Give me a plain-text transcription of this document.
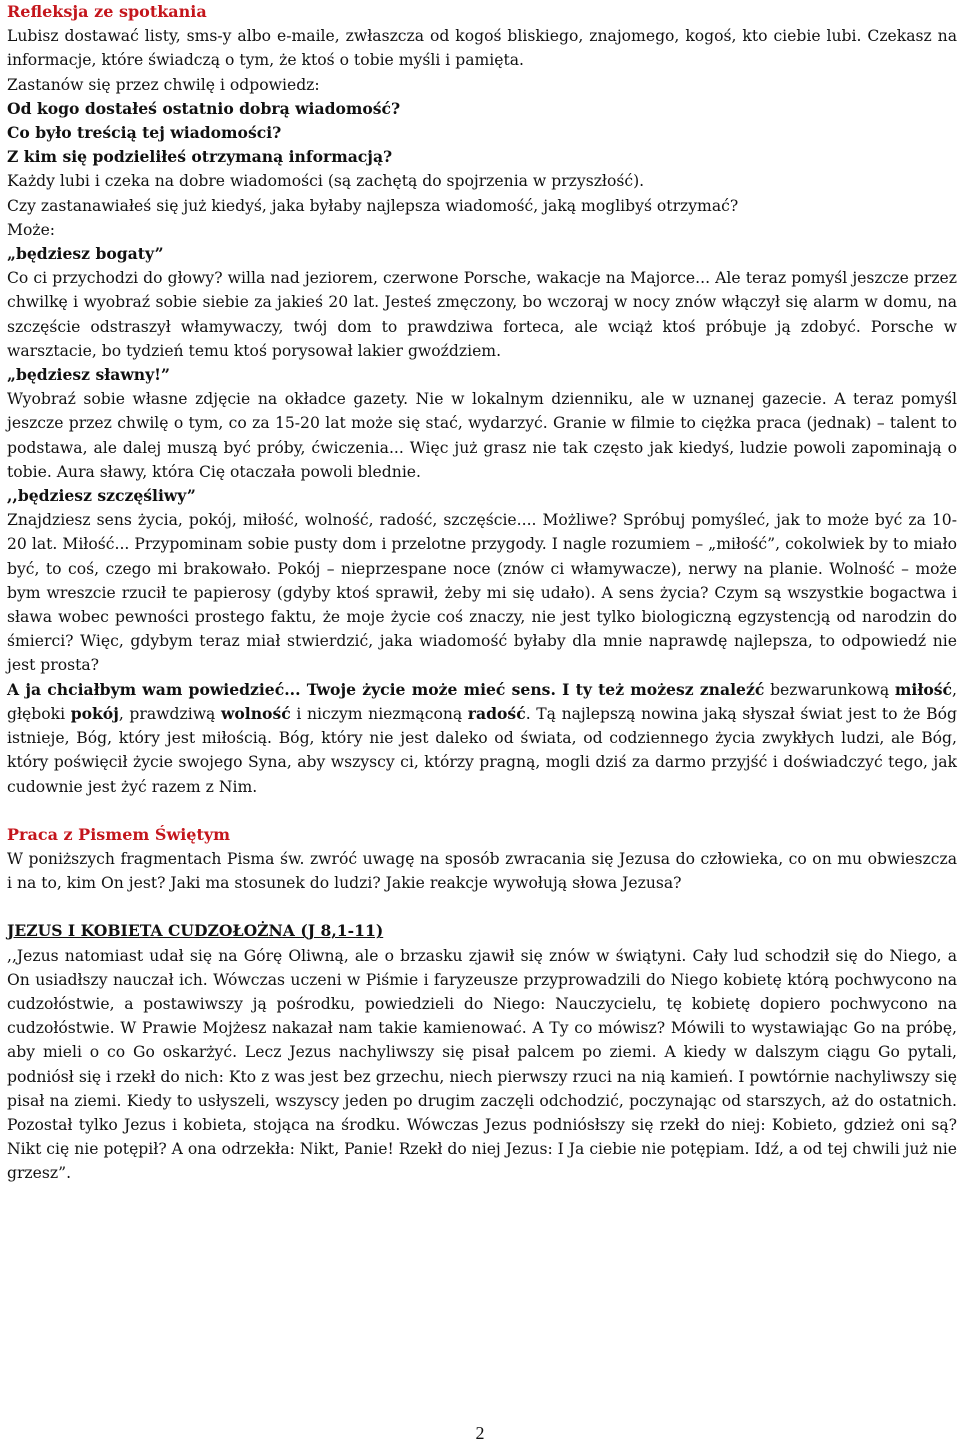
Refleksja ze spotkania

Lubisz dostawać listy, sms-y albo e-maile, zwłaszcza od kogoś bliskiego, znajomego, kogoś, kto ciebie lubi. Czekasz na informacje, które świadczą o tym, że ktoś o tobie myśli i pamięta.

Zastanów się przez chwilę i odpowiedz:
Od kogo dostałeś ostatnio dobrą wiadomość?
Co było treścią tej wiadomości?
Z kim się podzieliłeś otrzymaną informacją?
Każdy lubi i czeka na dobre wiadomości (są zachętą do spojrzenia w przyszłość).
Czy zastanawiałeś się już kiedyś, jaka byłaby najlepsza wiadomość, jaką moglibyś otrzymać?
Może:
„będziesz bogaty”

Co ci przychodzi do głowy? willa nad jeziorem, czerwone Porsche, wakacje na Majorce... Ale teraz pomyśl jeszcze przez chwilkę i wyobraź sobie siebie za jakieś 20 lat. Jesteś zmęczony, bo wczoraj w nocy znów włączył się alarm w domu, na szczęście odstraszył włamywaczy, twój dom to prawdziwa forteca, ale wciąż ktoś próbuje ją zdobyć. Porsche w warsztacie, bo tydzień temu ktoś porysował lakier gwoździem.

„będziesz sławny!”

Wyobraź sobie własne zdjęcie na okładce gazety. Nie w lokalnym dzienniku, ale w uznanej gazecie. A teraz pomyśl jeszcze przez chwilę o tym, co za 15-20 lat może się stać, wydarzyć. Granie w filmie to ciężka praca (jednak) – talent to podstawa, ale dalej muszą być próby, ćwiczenia... Więc już grasz nie tak często jak kiedyś, ludzie powoli zapominają o tobie. Aura sławy, która Cię otaczała powoli blednie.

,,będziesz szczęśliwy”

Znajdziesz sens życia, pokój, miłość, wolność, radość, szczęście.... Możliwe? Spróbuj pomyśleć, jak to może być za 10-20 lat. Miłość... Przypominam sobie pusty dom i przelotne przygody. I nagle rozumiem – „miłość”, cokolwiek by to miało być, to coś, czego mi brakowało. Pokój – nieprzespane noce (znów ci włamywacze), nerwy na planie. Wolność – może bym wreszcie rzucił te papierosy (gdyby ktoś sprawił, żeby mi się udało). A sens życia? Czym są wszystkie bogactwa i sława wobec pewności prostego faktu, że moje życie coś znaczy, nie jest tylko biologiczną egzystencją od narodzin do śmierci? Więc, gdybym teraz miał stwierdzić, jaka wiadomość byłaby dla mnie naprawdę najlepsza, to odpowiedź nie jest prosta?

A ja chciałbym wam powiedzieć... Twoje życie może mieć sens. I ty też możesz znaleźć bezwarunkową miłość, głęboki pokój, prawdziwą wolność i niczym niezmąconą radość. Tą najlepszą nowina jaką słyszał świat jest to że Bóg istnieje, Bóg, który jest miłością. Bóg, który nie jest daleko od świata, od codziennego życia zwykłych ludzi, ale Bóg, który poświęcił życie swojego Syna, aby wszyscy ci, którzy pragną, mogli dziś za darmo przyjść i doświadczyć tego, jak cudownie jest żyć razem z Nim.

Praca z Pismem Świętym

W poniższych fragmentach Pisma św. zwróć uwagę na sposób zwracania się Jezusa do człowieka, co on mu obwieszcza i na to, kim On jest? Jaki ma stosunek do ludzi? Jakie reakcje wywołują słowa Jezusa?

JEZUS I KOBIETA CUDZOŁOŻNA (J 8,1-11)

,,Jezus natomiast udał się na Górę Oliwną, ale o brzasku zjawił się znów w świątyni. Cały lud schodził się do Niego, a On usiadłszy nauczał ich. Wówczas uczeni w Piśmie i faryzeusze przyprowadzili do Niego kobietę którą pochwycono na cudzołóstwie, a postawiwszy ją pośrodku, powiedzieli do Niego: Nauczycielu, tę kobietę dopiero pochwycono na cudzołóstwie. W Prawie Mojżesz nakazał nam takie kamienować. A Ty co mówisz? Mówili to wystawiając Go na próbę, aby mieli o co Go oskarżyć. Lecz Jezus nachyliwszy się pisał palcem po ziemi. A kiedy w dalszym ciągu Go pytali, podniósł się i rzekł do nich: Kto z was jest bez grzechu, niech pierwszy rzuci na nią kamień. I powtórnie nachyliwszy się pisał na ziemi. Kiedy to usłyszeli, wszyscy jeden po drugim zaczęli odchodzić, poczynając od starszych, aż do ostatnich. Pozostał tylko Jezus i kobieta, stojąca na środku. Wówczas Jezus podniósłszy się rzekł do niej: Kobieto, gdzież oni są? Nikt cię nie potępił? A ona odrzekła: Nikt, Panie! Rzekł do niej Jezus: I Ja ciebie nie potępiam. Idź, a od tej chwili już nie grzesz”.

2
